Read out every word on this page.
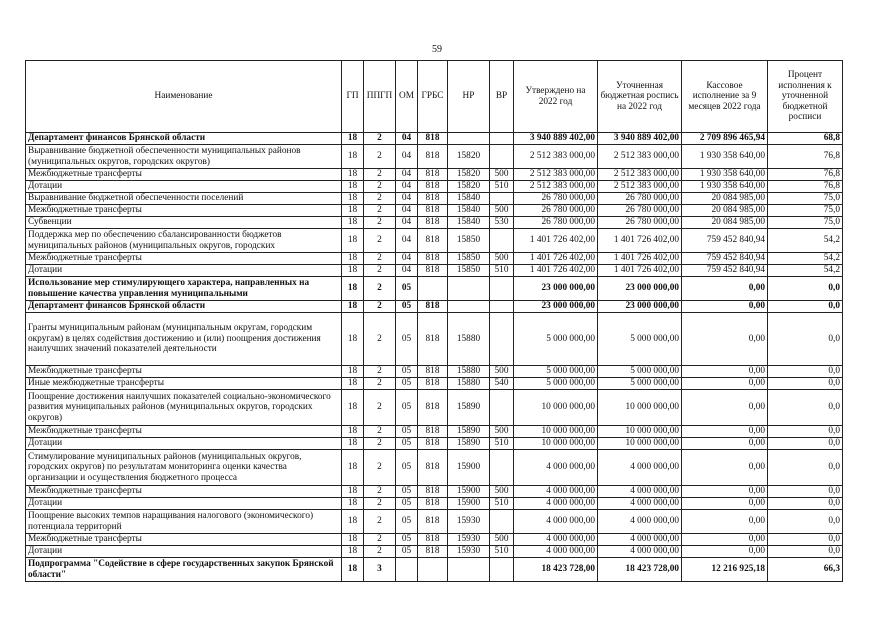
59
Наименование	ГП	ППГП	ОМ	ГРБС	НР	ВР	Утверждено на 2022 год	Уточненная бюджетная роспись на 2022 год	Кассовое исполнение за 9 месяцев 2022 года	Процент исполнения к уточненной бюджетной росписи
Департамент финансов Брянской области	18	2	04	818			3 940 889 402,00	3 940 889 402,00	2 709 896 465,94	68,8
Выравнивание бюджетной обеспеченности муниципальных районов (муниципальных округов, городских округов)	18	2	04	818	15820		2 512 383 000,00	2 512 383 000,00	1 930 358 640,00	76,8
Межбюджетные трансферты	18	2	04	818	15820	500	2 512 383 000,00	2 512 383 000,00	1 930 358 640,00	76,8
Дотации	18	2	04	818	15820	510	2 512 383 000,00	2 512 383 000,00	1 930 358 640,00	76,8
Выравнивание бюджетной обеспеченности поселений	18	2	04	818	15840		26 780 000,00	26 780 000,00	20 084 985,00	75,0
Межбюджетные трансферты	18	2	04	818	15840	500	26 780 000,00	26 780 000,00	20 084 985,00	75,0
Субвенции	18	2	04	818	15840	530	26 780 000,00	26 780 000,00	20 084 985,00	75,0
Поддержка мер по обеспечению сбалансированности бюджетов муниципальных районов (муниципальных округов, городских	18	2	04	818	15850		1 401 726 402,00	1 401 726 402,00	759 452 840,94	54,2
Межбюджетные трансферты	18	2	04	818	15850	500	1 401 726 402,00	1 401 726 402,00	759 452 840,94	54,2
Дотации	18	2	04	818	15850	510	1 401 726 402,00	1 401 726 402,00	759 452 840,94	54,2
Использование мер стимулирующего характера, направленных на повышение качества управления муниципальными	18	2	05				23 000 000,00	23 000 000,00	0,00	0,0
Департамент финансов Брянской области	18	2	05	818			23 000 000,00	23 000 000,00	0,00	0,0
Гранты муниципальным районам (муниципальным округам, городским округам) в целях содействия достижению и (или) поощрения достижения наилучших значений показателей деятельности	18	2	05	818	15880		5 000 000,00	5 000 000,00	0,00	0,0
Межбюджетные трансферты	18	2	05	818	15880	500	5 000 000,00	5 000 000,00	0,00	0,0
Иные межбюджетные трансферты	18	2	05	818	15880	540	5 000 000,00	5 000 000,00	0,00	0,0
Поощрение достижения наилучших показателей социально-экономического развития муниципальных районов (муниципальных округов, городских округов)	18	2	05	818	15890		10 000 000,00	10 000 000,00	0,00	0,0
Межбюджетные трансферты	18	2	05	818	15890	500	10 000 000,00	10 000 000,00	0,00	0,0
Дотации	18	2	05	818	15890	510	10 000 000,00	10 000 000,00	0,00	0,0
Стимулирование муниципальных районов (муниципальных округов, городских округов) по результатам мониторинга оценки качества организации и осуществления бюджетного процесса	18	2	05	818	15900		4 000 000,00	4 000 000,00	0,00	0,0
Межбюджетные трансферты	18	2	05	818	15900	500	4 000 000,00	4 000 000,00	0,00	0,0
Дотации	18	2	05	818	15900	510	4 000 000,00	4 000 000,00	0,00	0,0
Поощрение высоких темпов наращивания налогового (экономического) потенциала территорий	18	2	05	818	15930		4 000 000,00	4 000 000,00	0,00	0,0
Межбюджетные трансферты	18	2	05	818	15930	500	4 000 000,00	4 000 000,00	0,00	0,0
Дотации	18	2	05	818	15930	510	4 000 000,00	4 000 000,00	0,00	0,0
Подпрограмма "Содействие в сфере государственных закупок Брянской области"	18	3					18 423 728,00	18 423 728,00	12 216 925,18	66,3
